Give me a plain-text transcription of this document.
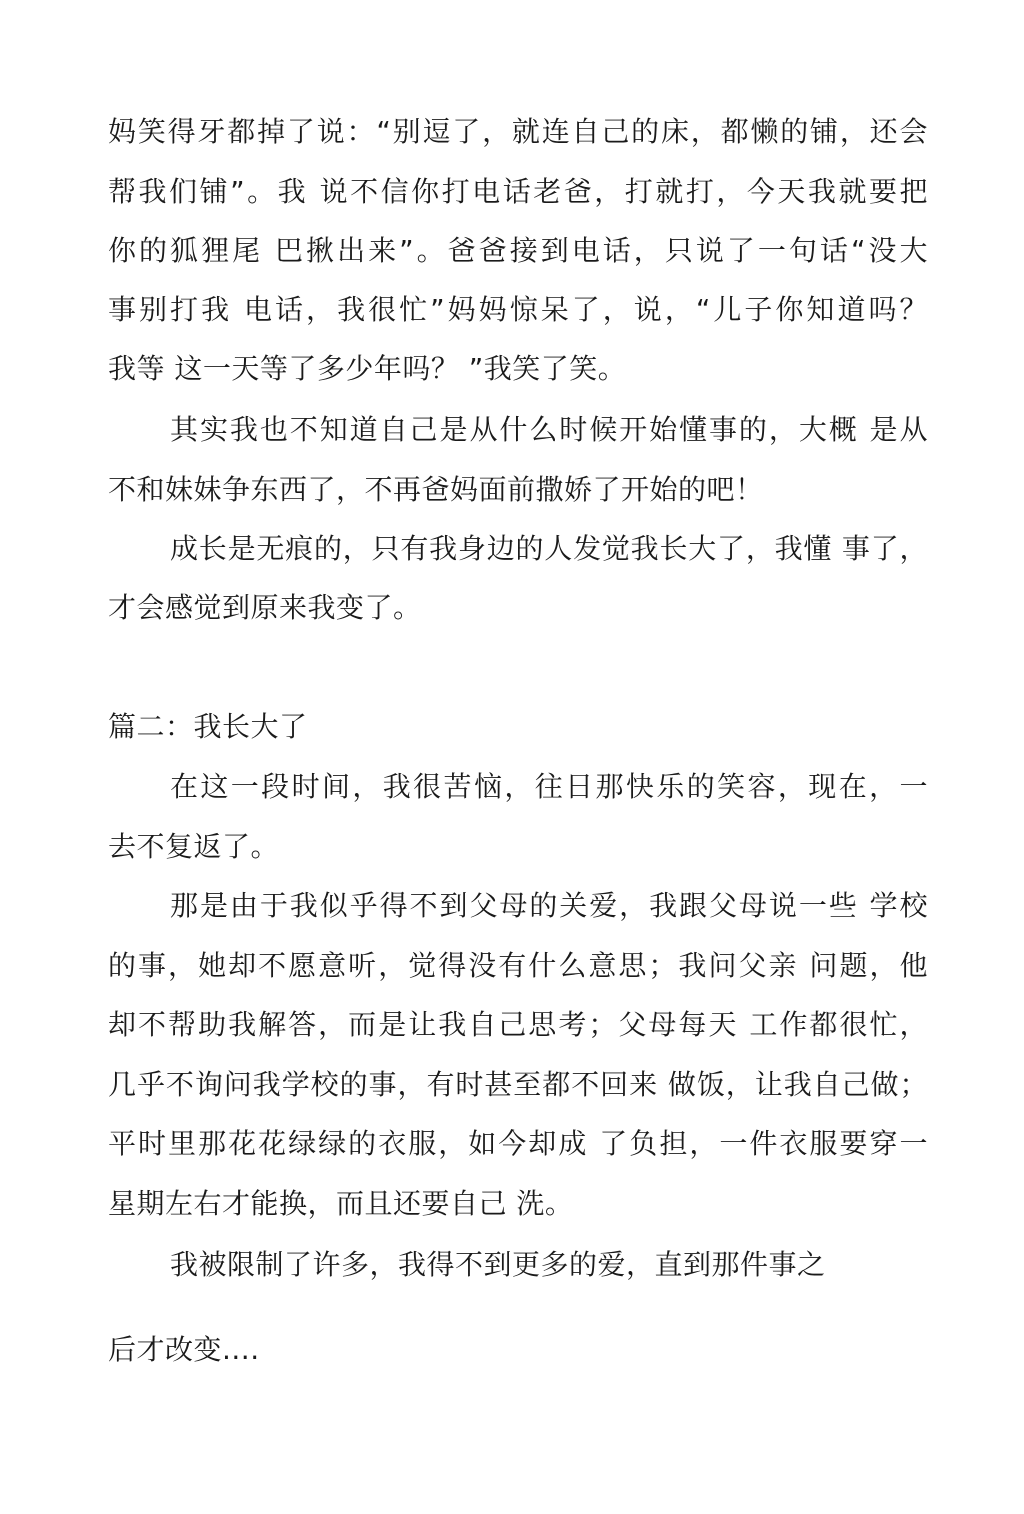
妈笑得牙都掉了说：“别逗了，就连自己的床，都懒的铺，还会
帮我们铺”。我 说不信你打电话老爸，打就打，今天我就要把
你的狐狸尾 巴揪出来”。爸爸接到电话，只说了一句话“没大
事别打我 电话，我很忙”妈妈惊呆了，说，“儿子你知道吗？
我等 这一天等了多少年吗？ ”我笑了笑。
其实我也不知道自己是从什么时候开始懂事的，大概 是从
不和妹妹争东西了，不再爸妈面前撒娇了开始的吧！
成长是无痕的，只有我身边的人发觉我长大了，我懂 事了，
才会感觉到原来我变了。
篇二：我长大了
在这一段时间，我很苦恼，往日那快乐的笑容，现在，一
去不复返了。
那是由于我似乎得不到父母的关爱，我跟父母说一些 学校
的事，她却不愿意听，觉得没有什么意思；我问父亲 问题，他
却不帮助我解答，而是让我自己思考；父母每天 工作都很忙，
几乎不询问我学校的事，有时甚至都不回来 做饭，让我自己做；
平时里那花花绿绿的衣服，如今却成 了负担，一件衣服要穿一
星期左右才能换，而且还要自己 洗。
我被限制了许多，我得不到更多的爱，直到那件事之
后才改变....
